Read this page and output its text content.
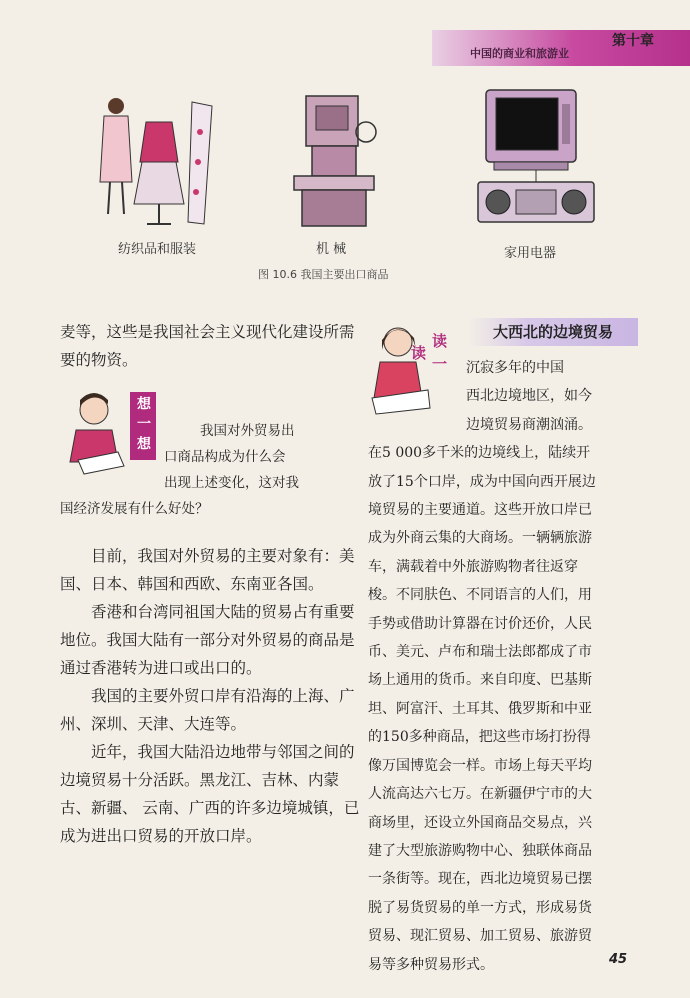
中国的商业和旅游业
第十章
纺织品和服装	机 械	家用电器
图 10.6 我国主要出口商品

麦等，这些是我国社会主义现代化建设所需要的物资。

想一想	我国对外贸易出
口商品构成为什么会
出现上述变化，这对我
国经济发展有什么好处？

目前，我国对外贸易的主要对象有：美国、日本、韩国和西欧、东南亚各国。

香港和台湾同祖国大陆的贸易占有重要地位。我国大陆有一部分对外贸易的商品是通过香港转为进口或出口的。

我国的主要外贸口岸有沿海的上海、广州、深圳、天津、大连等。

近年，我国大陆沿边地带与邻国之间的边境贸易十分活跃。黑龙江、吉林、内蒙古、新疆、 云南、广西的许多边境城镇，已成为进出口贸易的开放口岸。

读一读
大西北的边境贸易
沉寂多年的中国
西北边境地区，如今
边境贸易商潮汹涌。
在5 000多千米的边境线上，陆续开
放了15个口岸，成为中国向西开展边
境贸易的主要通道。这些开放口岸已
成为外商云集的大商场。一辆辆旅游
车，满载着中外旅游购物者往返穿
梭。不同肤色、不同语言的人们，用
手势或借助计算器在讨价还价，人民
币、美元、卢布和瑞士法郎都成了市
场上通用的货币。来自印度、巴基斯
坦、阿富汗、土耳其、俄罗斯和中亚
的150多种商品，把这些市场打扮得
像万国博览会一样。市场上每天平均
人流高达六七万。在新疆伊宁市的大
商场里，还设立外国商品交易点，兴
建了大型旅游购物中心、独联体商品
一条街等。现在，西北边境贸易已摆
脱了易货贸易的单一方式，形成易货
贸易、现汇贸易、加工贸易、旅游贸
易等多种贸易形式。	45
